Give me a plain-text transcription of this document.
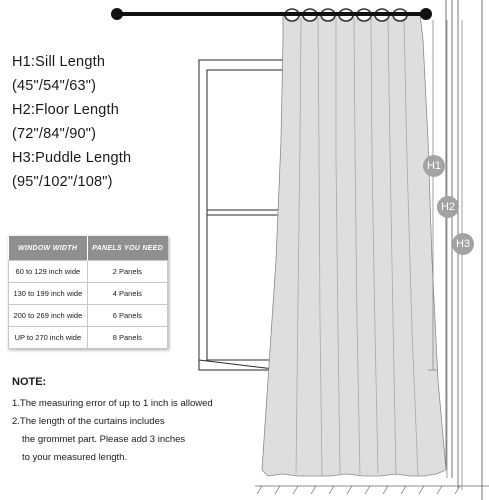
H1
H2
H3
H1:Sill Length
(45"/54"/63")
H2:Floor Length
(72"/84"/90")
H3:Puddle Length
(95"/102"/108")
WINDOW WIDTH	PANELS YOU NEED
60 to 129 inch wide	2 Panels
130 to 199 inch wide	4 Panels
200 to 269 inch wide	6 Panels
UP to 270 inch wide	8 Panels
NOTE:
1.The measuring error of up to 1 inch is allowed
2.The length of the curtains includes
the grommet part. Please add 3 inches
to your measured length.
